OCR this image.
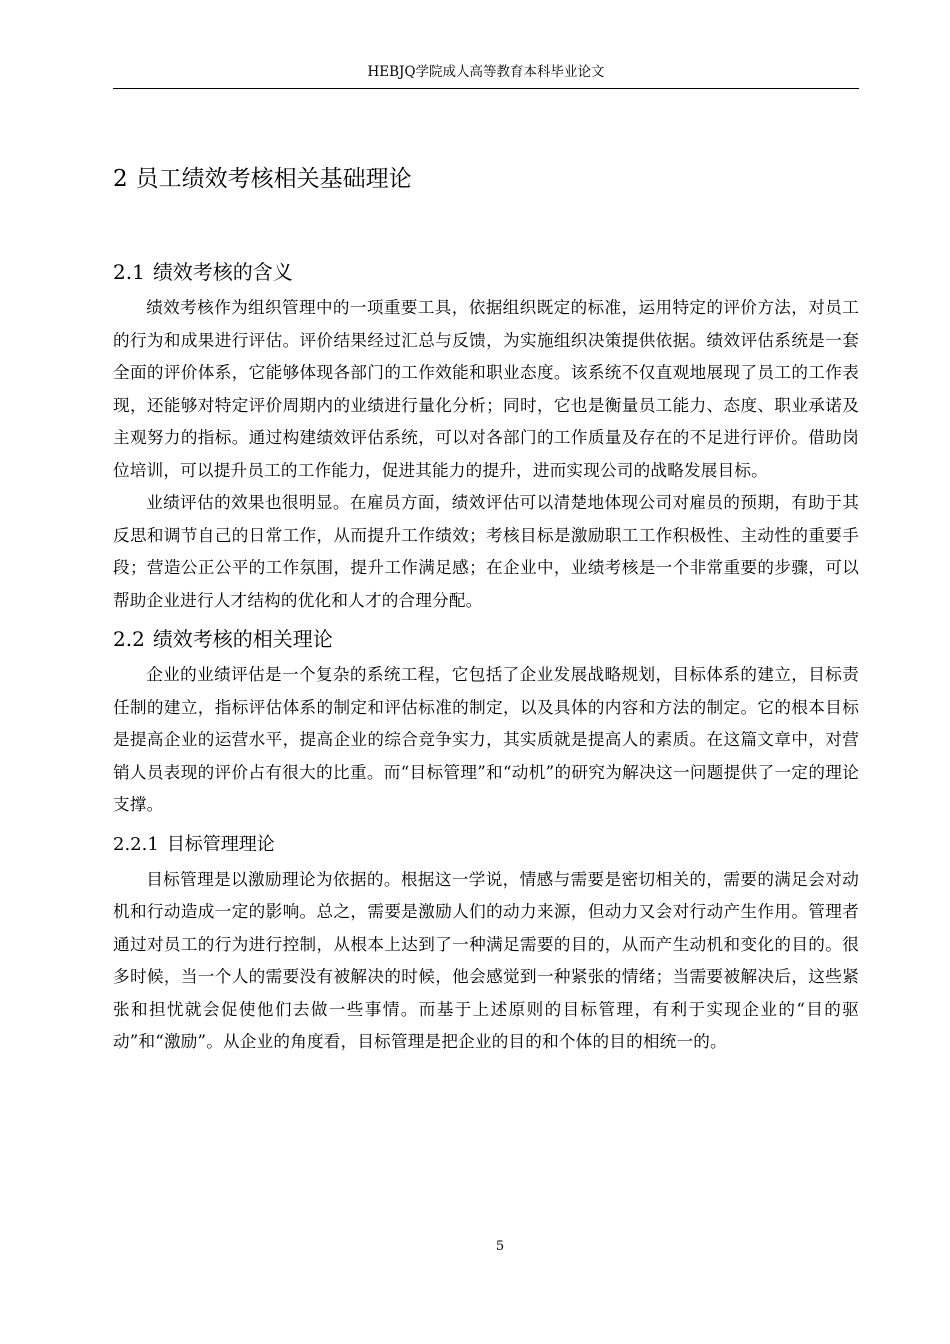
HEBJQ学院成人高等教育本科毕业论文
2 员工绩效考核相关基础理论
2.1 绩效考核的含义

绩效考核作为组织管理中的一项重要工具，依据组织既定的标准，运用特定的评价方法，对员工的行为和成果进行评估。评价结果经过汇总与反馈，为实施组织决策提供依据。绩效评估系统是一套全面的评价体系，它能够体现各部门的工作效能和职业态度。该系统不仅直观地展现了员工的工作表现，还能够对特定评价周期内的业绩进行量化分析；同时，它也是衡量员工能力、态度、职业承诺及主观努力的指标。通过构建绩效评估系统，可以对各部门的工作质量及存在的不足进行评价。借助岗位培训，可以提升员工的工作能力，促进其能力的提升，进而实现公司的战略发展目标。

业绩评估的效果也很明显。在雇员方面，绩效评估可以清楚地体现公司对雇员的预期，有助于其反思和调节自己的日常工作，从而提升工作绩效；考核目标是激励职工工作积极性、主动性的重要手段；营造公正公平的工作氛围，提升工作满足感；在企业中，业绩考核是一个非常重要的步骤，可以帮助企业进行人才结构的优化和人才的合理分配。

2.2 绩效考核的相关理论

企业的业绩评估是一个复杂的系统工程，它包括了企业发展战略规划，目标体系的建立，目标责任制的建立，指标评估体系的制定和评估标准的制定，以及具体的内容和方法的制定。它的根本目标是提高企业的运营水平，提高企业的综合竞争实力，其实质就是提高人的素质。在这篇文章中，对营销人员表现的评价占有很大的比重。而“目标管理”和“动机”的研究为解决这一问题提供了一定的理论支撑。

2.2.1 目标管理理论

目标管理是以激励理论为依据的。根据这一学说，情感与需要是密切相关的，需要的满足会对动机和行动造成一定的影响。总之，需要是激励人们的动力来源，但动力又会对行动产生作用。管理者通过对员工的行为进行控制，从根本上达到了一种满足需要的目的，从而产生动机和变化的目的。很多时候，当一个人的需要没有被解决的时候，他会感觉到一种紧张的情绪；当需要被解决后，这些紧张和担忧就会促使他们去做一些事情。而基于上述原则的目标管理，有利于实现企业的“目的驱动”和“激励”。从企业的角度看，目标管理是把企业的目的和个体的目的相统一的。

5
